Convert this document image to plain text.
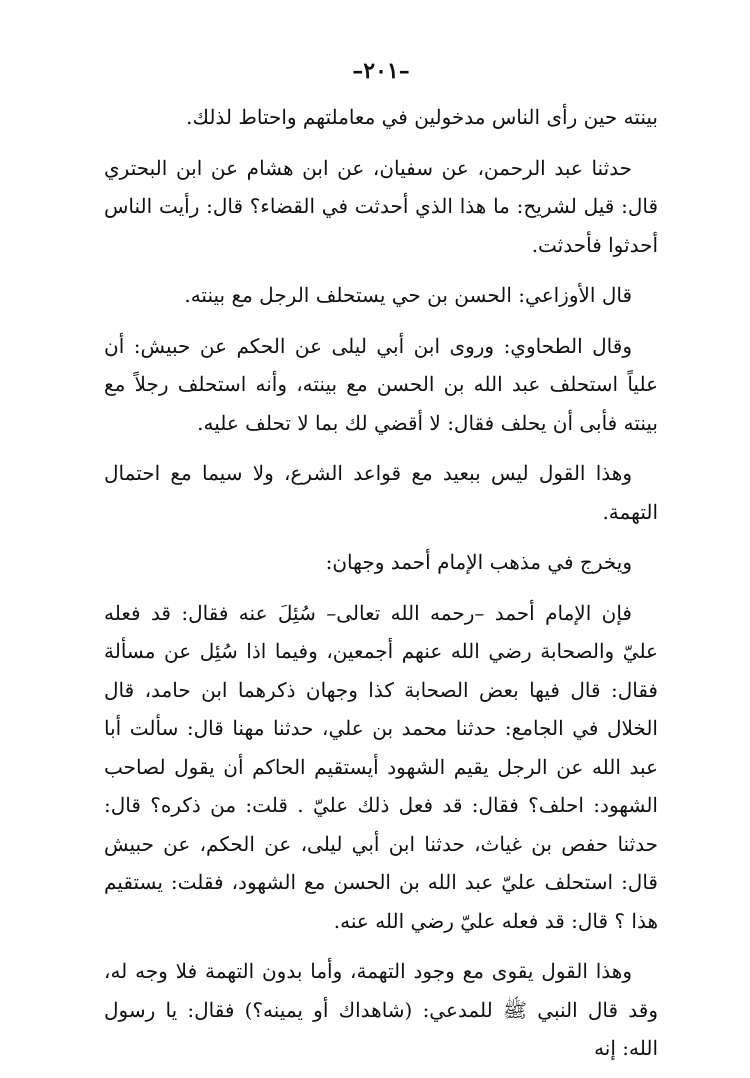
–٢٠١–

بينته حين رأى الناس مدخولين في معاملتهم واحتاط لذلك.

حدثنا عبد الرحمن، عن سفيان، عن ابن هشام عن ابن البحتري قال: قيل لشريح: ما هذا الذي أحدثت في القضاء؟ قال: رأيت الناس أحدثوا فأحدثت.

قال الأوزاعي: الحسن بن حي يستحلف الرجل مع بينته.

وقال الطحاوي: وروى ابن أبي ليلى عن الحكم عن حبيش: أن علياً استحلف عبد الله بن الحسن مع بينته، وأنه استحلف رجلاً مع بينته فأبى أن يحلف فقال: لا أقضي لك بما لا تحلف عليه.

وهذا القول ليس ببعيد مع قواعد الشرع، ولا سيما مع احتمال التهمة.

ويخرج في مذهب الإمام أحمد وجهان:

فإن الإمام أحمد –رحمه الله تعالى– سُئِلَ عنه فقال: قد فعله عليّ والصحابة رضي الله عنهم أجمعين، وفيما اذا سُئِل عن مسألة فقال: قال فيها بعض الصحابة كذا وجهان ذكرهما ابن حامد، قال الخلال في الجامع: حدثنا محمد بن علي، حدثنا مهنا قال: سألت أبا عبد الله عن الرجل يقيم الشهود أيستقيم الحاكم أن يقول لصاحب الشهود: احلف؟ فقال: قد فعل ذلك عليّ . قلت: من ذكره؟ قال: حدثنا حفص بن غياث، حدثنا ابن أبي ليلى، عن الحكم، عن حبيش قال: استحلف عليّ عبد الله بن الحسن مع الشهود، فقلت: يستقيم هذا ؟ قال: قد فعله عليّ رضي الله عنه.

وهذا القول يقوى مع وجود التهمة، وأما بدون التهمة فلا وجه له، وقد قال النبي ﷺ للمدعي: (شاهداك أو يمينه؟) فقال: يا رسول الله: إنه
